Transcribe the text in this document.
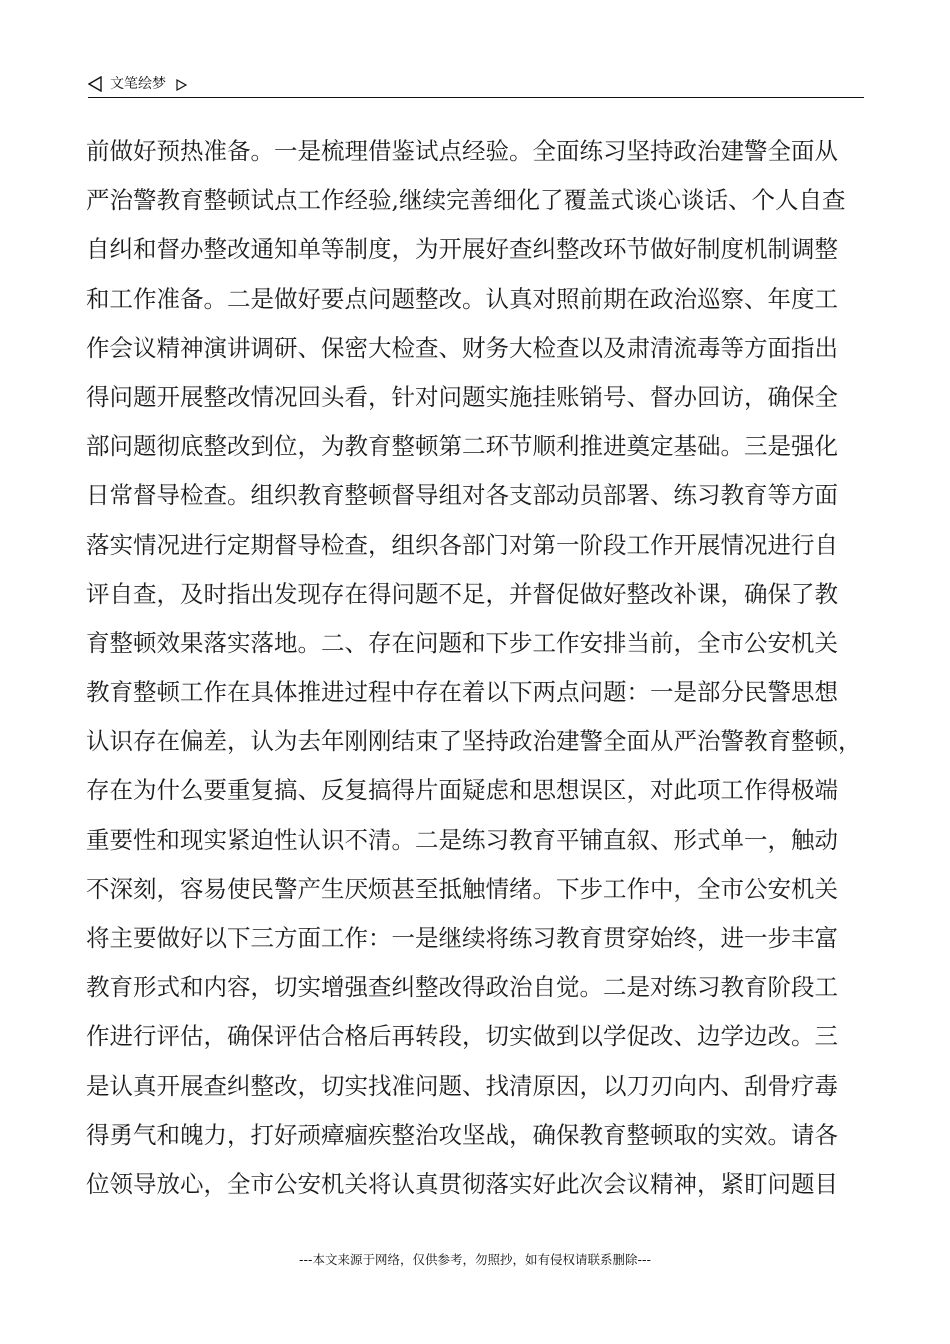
文笔绘梦
前做好预热准备。一是梳理借鉴试点经验。全面练习坚持政治建警全面从
严治警教育整顿试点工作经验,继续完善细化了覆盖式谈心谈话、个人自查
自纠和督办整改通知单等制度，为开展好查纠整改环节做好制度机制调整
和工作准备。二是做好要点问题整改。认真对照前期在政治巡察、年度工
作会议精神演讲调研、保密大检查、财务大检查以及肃清流毒等方面指出
得问题开展整改情况回头看，针对问题实施挂账销号、督办回访，确保全
部问题彻底整改到位，为教育整顿第二环节顺利推进奠定基础。三是强化
日常督导检查。组织教育整顿督导组对各支部动员部署、练习教育等方面
落实情况进行定期督导检查，组织各部门对第一阶段工作开展情况进行自
评自查，及时指出发现存在得问题不足，并督促做好整改补课，确保了教
育整顿效果落实落地。二、存在问题和下步工作安排当前，全市公安机关
教育整顿工作在具体推进过程中存在着以下两点问题：一是部分民警思想
认识存在偏差，认为去年刚刚结束了坚持政治建警全面从严治警教育整顿，
存在为什么要重复搞、反复搞得片面疑虑和思想误区，对此项工作得极端
重要性和现实紧迫性认识不清。二是练习教育平铺直叙、形式单一，触动
不深刻，容易使民警产生厌烦甚至抵触情绪。下步工作中，全市公安机关
将主要做好以下三方面工作：一是继续将练习教育贯穿始终，进一步丰富
教育形式和内容，切实增强查纠整改得政治自觉。二是对练习教育阶段工
作进行评估，确保评估合格后再转段，切实做到以学促改、边学边改。三
是认真开展查纠整改，切实找准问题、找清原因，以刀刃向内、刮骨疗毒
得勇气和魄力，打好顽瘴痼疾整治攻坚战，确保教育整顿取的实效。请各
位领导放心，全市公安机关将认真贯彻落实好此次会议精神，紧盯问题目
---本文来源于网络，仅供参考，勿照抄，如有侵权请联系删除---
